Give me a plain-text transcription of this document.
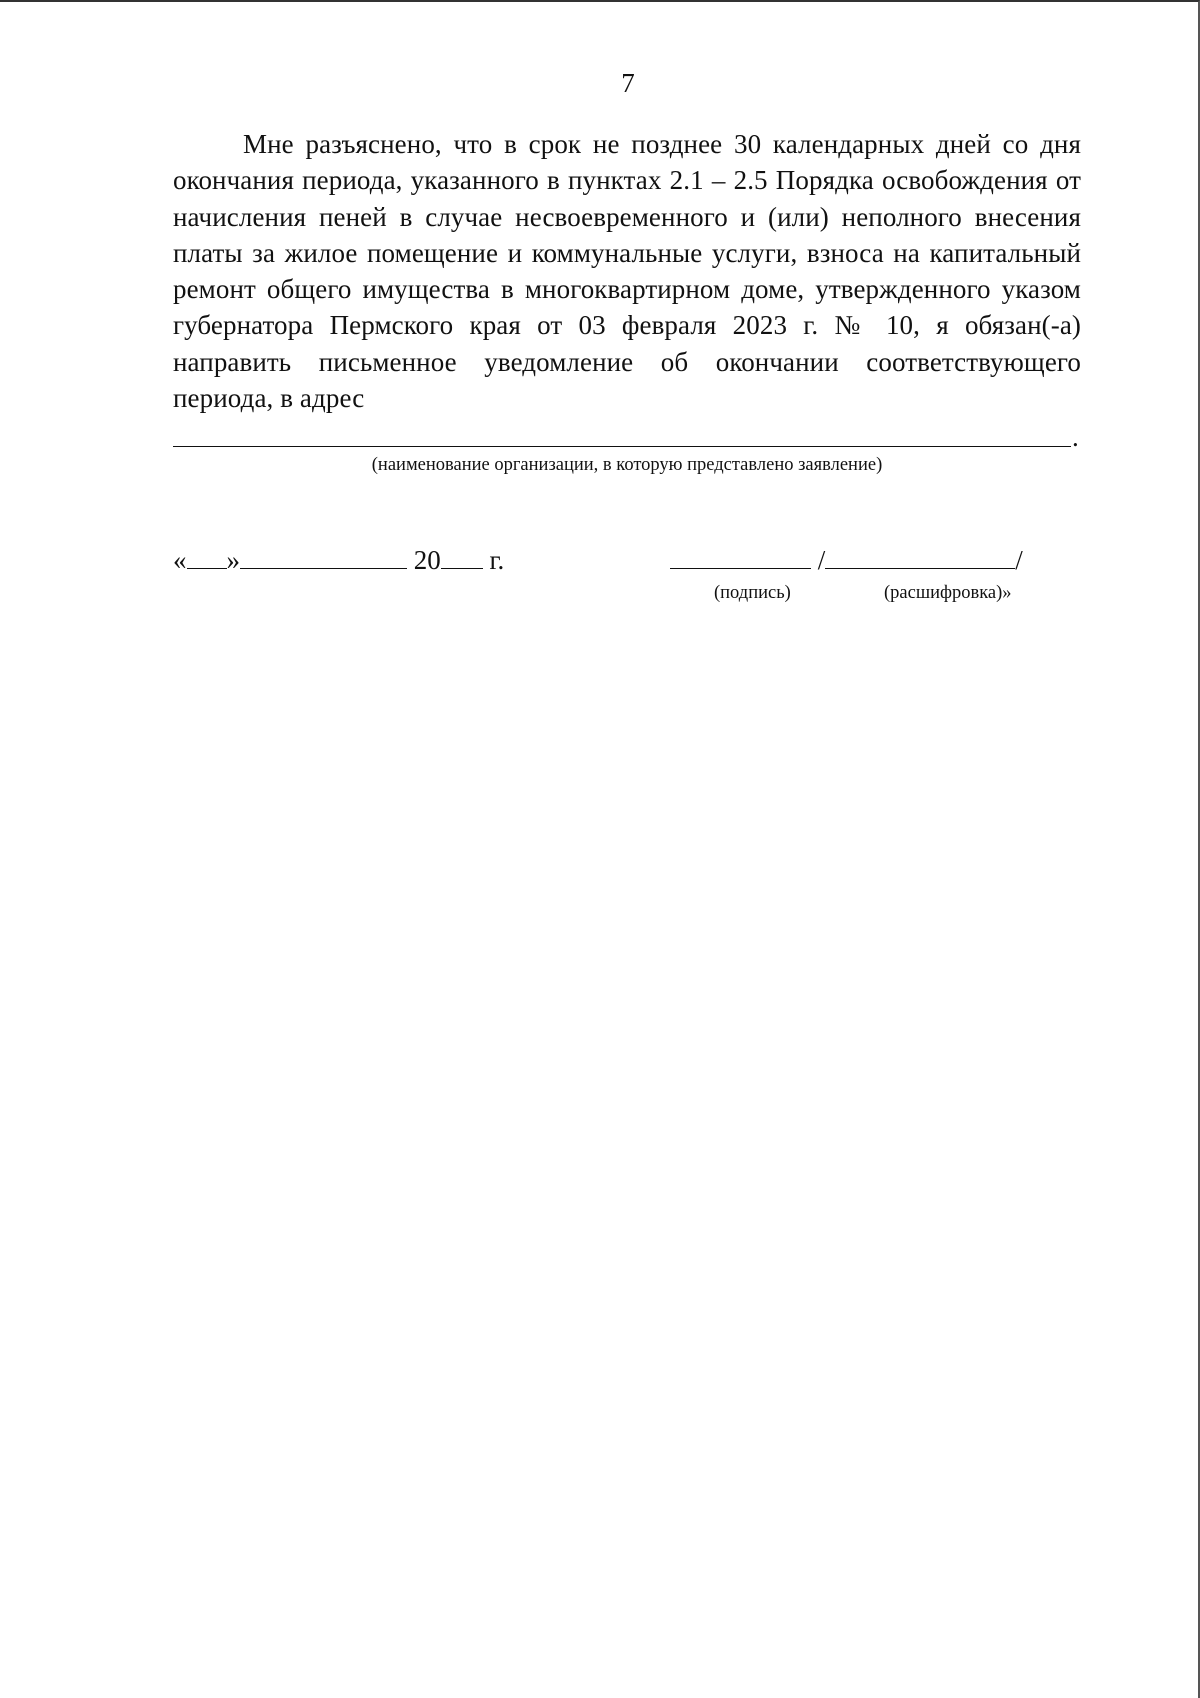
7

Мне разъяснено, что в срок не позднее 30 календарных дней со дня окончания периода, указанного в пунктах 2.1 – 2.5 Порядка освобождения от начисления пеней в случае несвоевременного и (или) неполного внесения платы за жилое помещение и коммунальные услуги, взноса на капитальный ремонт общего имущества в многоквартирном доме, утвержденного указом губернатора Пермского края от 03 февраля 2023 г. № 10, я обязан(-а) направить письменное уведомление об окончании соответствующего периода, в адрес

.
(наименование организации, в которую представлено заявление)
« »	20 г.	/	/
(подпись)	(расшифровка)»
